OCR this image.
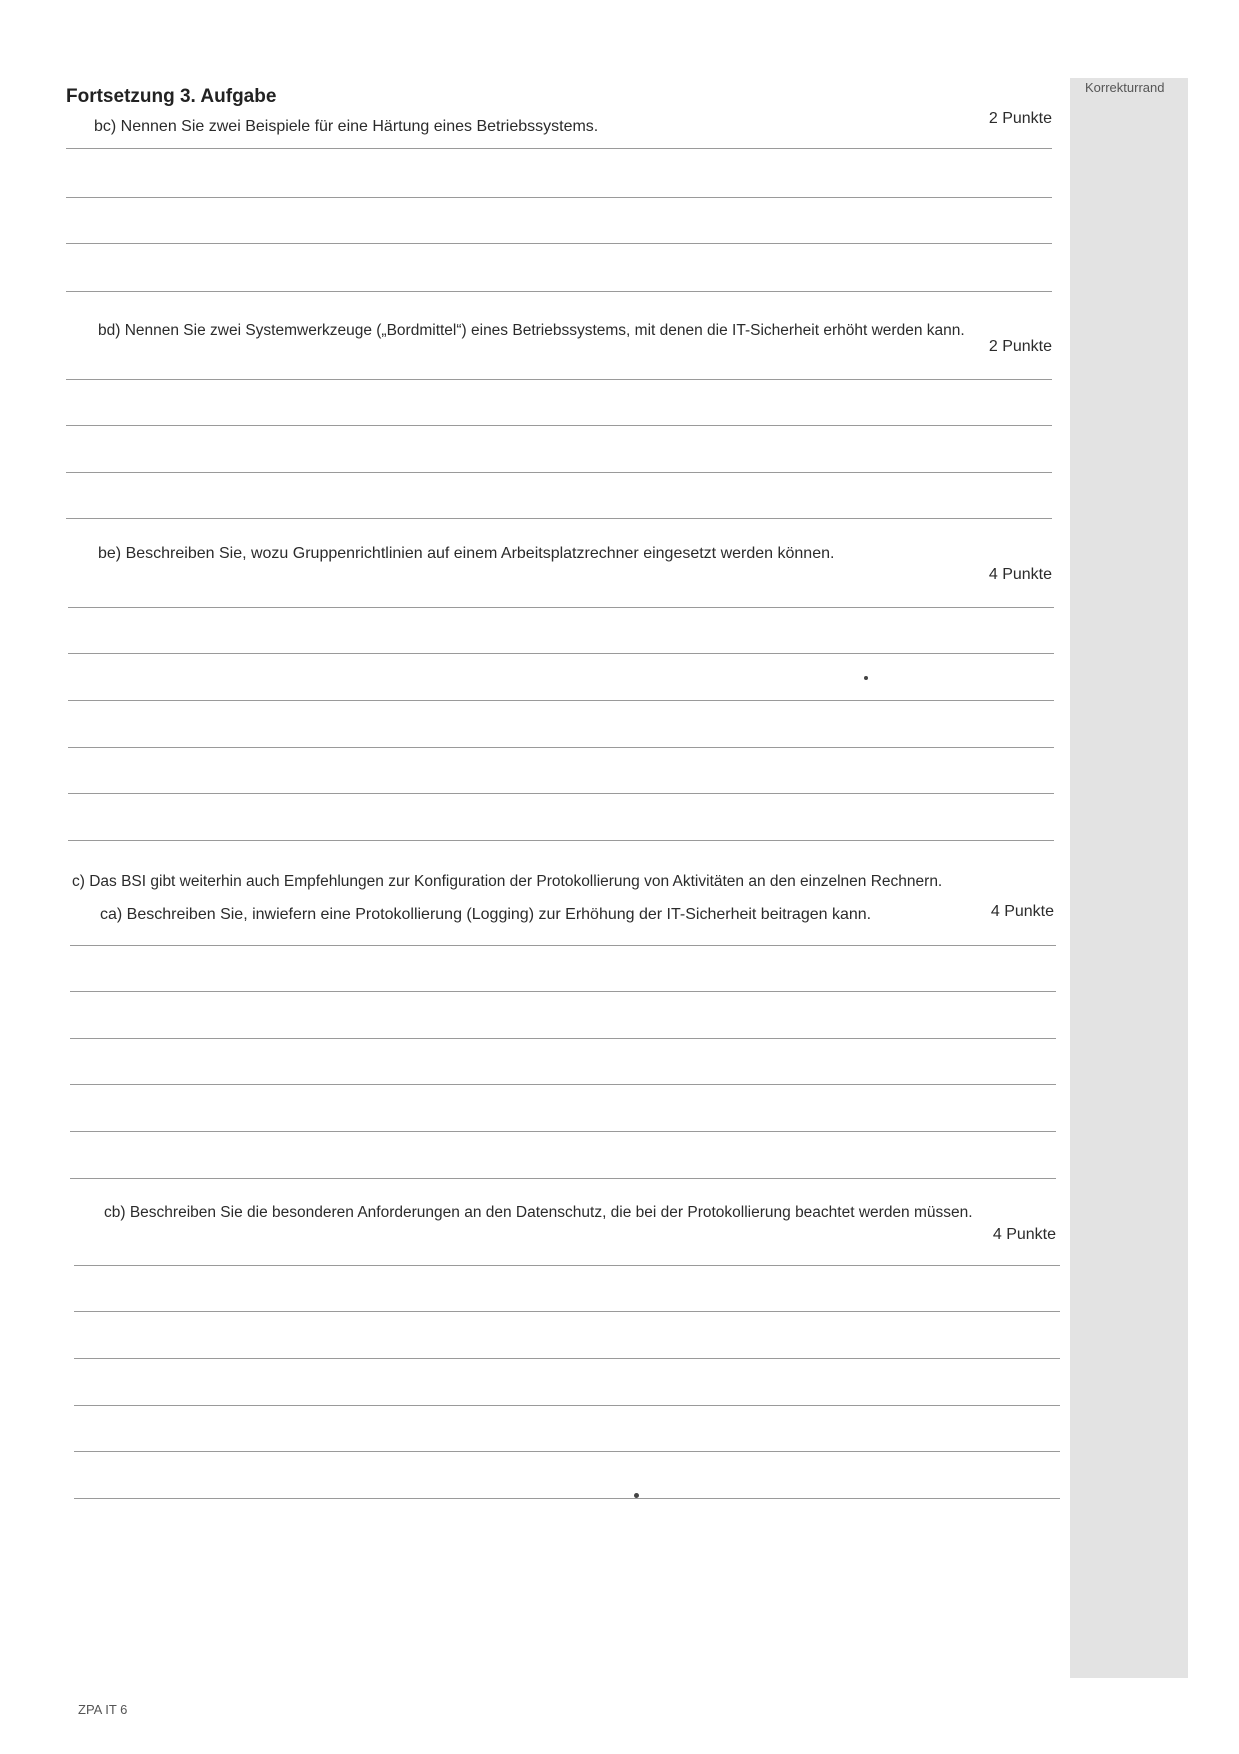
Korrekturrand
Fortsetzung 3. Aufgabe
bc) Nennen Sie zwei Beispiele für eine Härtung eines Betriebssystems.	2 Punkte
bd) Nennen Sie zwei Systemwerkzeuge („Bordmittel“) eines Betriebssystems, mit denen die IT-Sicherheit erhöht werden kann.
2 Punkte
be) Beschreiben Sie, wozu Gruppenrichtlinien auf einem Arbeitsplatzrechner eingesetzt werden können.
4 Punkte
c) Das BSI gibt weiterhin auch Empfehlungen zur Konfiguration der Protokollierung von Aktivitäten an den einzelnen Rechnern.
ca) Beschreiben Sie, inwiefern eine Protokollierung (Logging) zur Erhöhung der IT-Sicherheit beitragen kann.	4 Punkte
cb) Beschreiben Sie die besonderen Anforderungen an den Datenschutz, die bei der Protokollierung beachtet werden müssen.
4 Punkte
ZPA IT 6
